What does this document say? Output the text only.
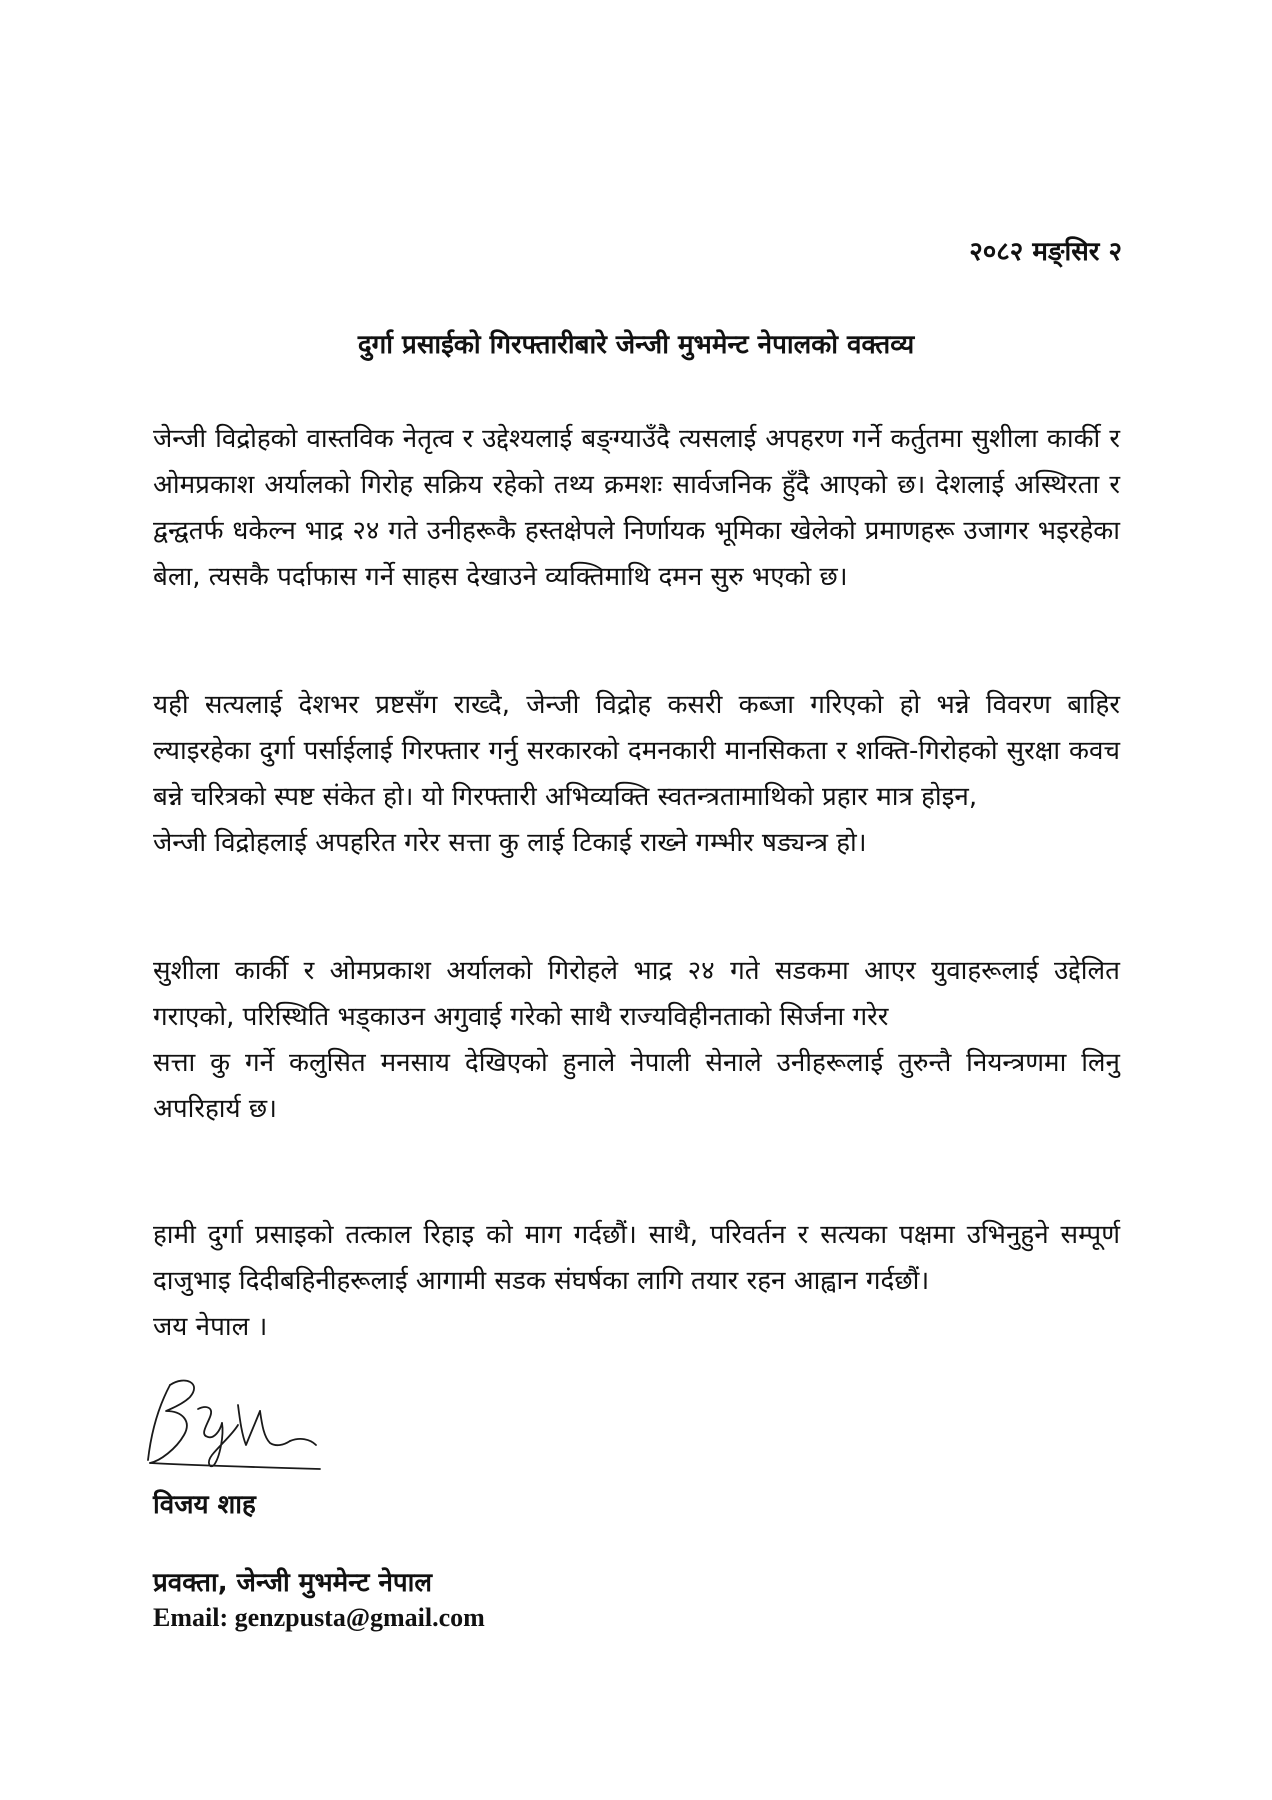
२०८२ मङ्सिर २

दुर्गा प्रसाईको गिरफ्तारीबारे जेन्जी मुभमेन्ट नेपालको वक्तव्य

जेन्जी विद्रोहको वास्तविक नेतृत्व र उद्देश्यलाई बङ्ग्याउँदै त्यसलाई अपहरण गर्ने कर्तुतमा सुशीला कार्की र ओमप्रकाश अर्यालको गिरोह सक्रिय रहेको तथ्य क्रमशः सार्वजनिक हुँदै आएको छ। देशलाई अस्थिरता र द्वन्द्वतर्फ धकेल्न भाद्र २४ गते उनीहरूकै हस्तक्षेपले निर्णायक भूमिका खेलेको प्रमाणहरू उजागर भइरहेका बेला, त्यसकै पर्दाफास गर्ने साहस देखाउने व्यक्तिमाथि दमन सुरु भएको छ।

यही सत्यलाई देशभर प्रष्टसँग राख्दै, जेन्जी विद्रोह कसरी कब्जा गरिएको हो भन्ने विवरण बाहिर ल्याइरहेका दुर्गा पर्साईलाई गिरफ्तार गर्नु सरकारको दमनकारी मानसिकता र शक्ति-गिरोहको सुरक्षा कवच बन्ने चरित्रको स्पष्ट संकेत हो। यो गिरफ्तारी अभिव्यक्ति स्वतन्त्रतामाथिको प्रहार मात्र होइन,
जेन्जी विद्रोहलाई अपहरित गरेर सत्ता कु लाई टिकाई राख्ने गम्भीर षड्यन्त्र हो।
सुशीला कार्की र ओमप्रकाश अर्यालको गिरोहले भाद्र २४ गते सडकमा आएर युवाहरूलाई उद्देलित गराएको, परिस्थिति भड्काउन अगुवाई गरेको साथै राज्यविहीनताको सिर्जना गरेर
सत्ता कु गर्ने कलुसित मनसाय देखिएको हुनाले नेपाली सेनाले उनीहरूलाई तुरुन्तै नियन्त्रणमा लिनु अपरिहार्य छ।
हामी दुर्गा प्रसाइको तत्काल रिहाइ को माग गर्दछौं। साथै, परिवर्तन र सत्यका पक्षमा उभिनुहुने सम्पूर्ण दाजुभाइ दिदीबहिनीहरूलाई आगामी सडक संघर्षका लागि तयार रहन आह्वान गर्दछौं।
जय नेपाल ।

विजय शाह

प्रवक्ता, जेन्जी मुभमेन्ट नेपाल

Email: genzpusta@gmail.com
